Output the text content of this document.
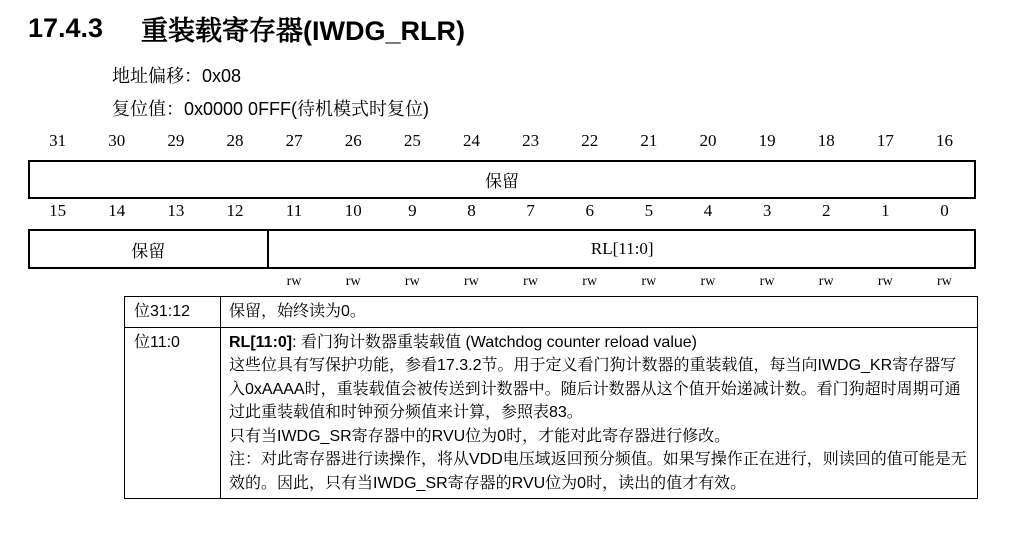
17.4.3	重装载寄存器(IWDG_RLR)
地址偏移：0x08
复位值：0x0000 0FFF(待机模式时复位)
31	30	29	28	27	26	25	24	23	22	21	20	19	18	17	16
保留
15	14	13	12	11	10	9	8	7	6	5	4	3	2	1	0
保留	RL[11:0]
rw	rw	rw	rw	rw	rw	rw	rw	rw	rw	rw	rw
位31:12	保留，始终读为0。

位11:0	RL[11:0]: 看门狗计数器重装载值 (Watchdog counter reload value)

这些位具有写保护功能，参看17.3.2节。用于定义看门狗计数器的重装载值，每当向IWDG_KR寄存器写入0xAAAA时，重装载值会被传送到计数器中。随后计数器从这个值开始递减计数。看门狗超时周期可通过此重装载值和时钟预分频值来计算，参照表83。

只有当IWDG_SR寄存器中的RVU位为0时，才能对此寄存器进行修改。

注：对此寄存器进行读操作，将从VDD电压域返回预分频值。如果写操作正在进行，则读回的值可能是无效的。因此，只有当IWDG_SR寄存器的RVU位为0时，读出的值才有效。
